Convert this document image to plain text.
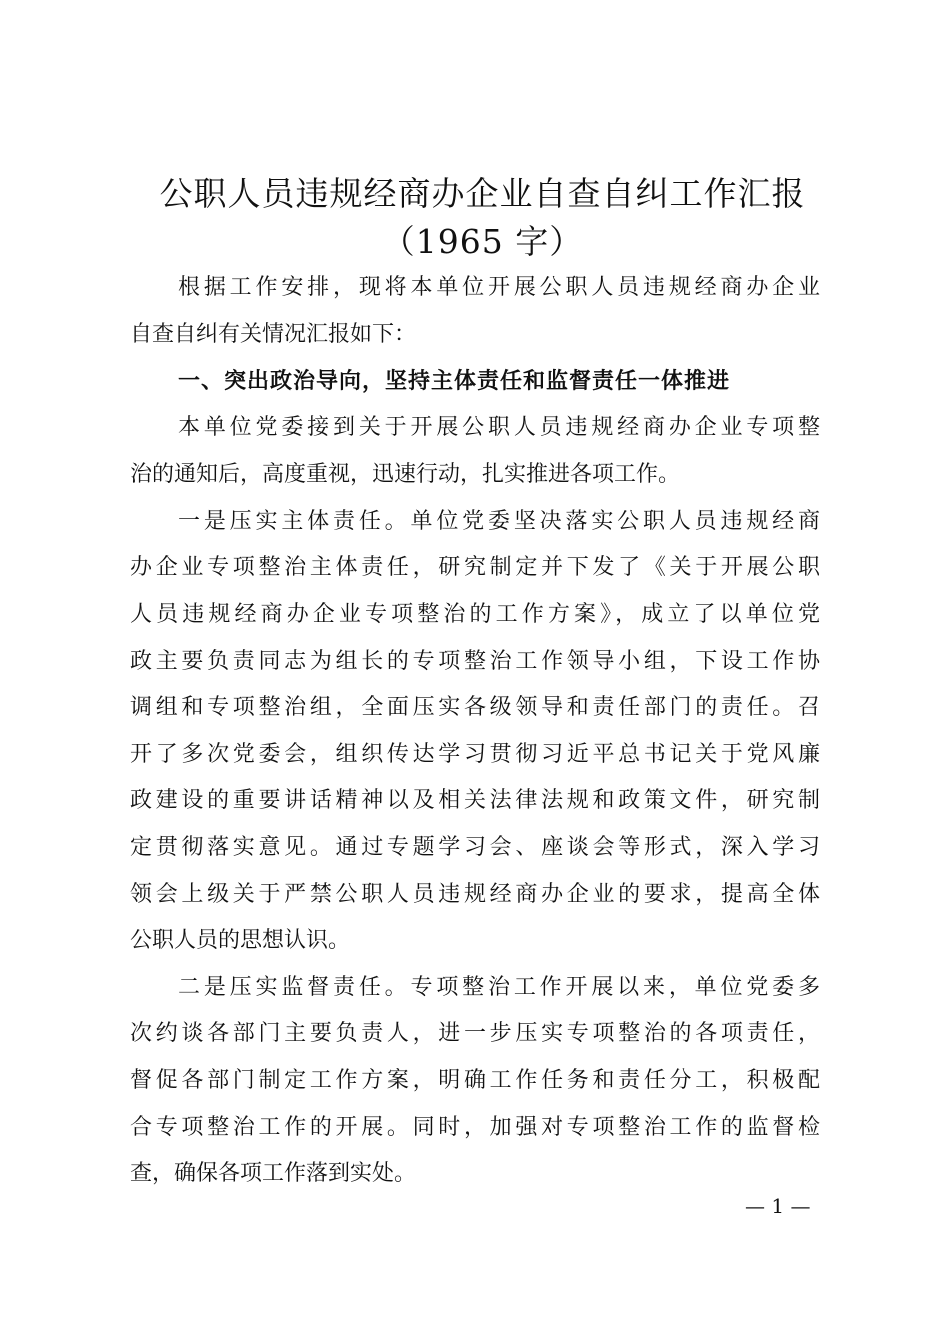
公职人员违规经商办企业自查自纠工作汇报
（1965 字）
根据工作安排，现将本单位开展公职人员违规经商办企业
自查自纠有关情况汇报如下：
一、突出政治导向，坚持主体责任和监督责任一体推进
本单位党委接到关于开展公职人员违规经商办企业专项整
治的通知后，高度重视，迅速行动，扎实推进各项工作。
一是压实主体责任。单位党委坚决落实公职人员违规经商
办企业专项整治主体责任，研究制定并下发了《关于开展公职
人员违规经商办企业专项整治的工作方案》，成立了以单位党
政主要负责同志为组长的专项整治工作领导小组，下设工作协
调组和专项整治组，全面压实各级领导和责任部门的责任。召
开了多次党委会，组织传达学习贯彻习近平总书记关于党风廉
政建设的重要讲话精神以及相关法律法规和政策文件，研究制
定贯彻落实意见。通过专题学习会、座谈会等形式，深入学习
领会上级关于严禁公职人员违规经商办企业的要求，提高全体
公职人员的思想认识。
二是压实监督责任。专项整治工作开展以来，单位党委多
次约谈各部门主要负责人，进一步压实专项整治的各项责任，
督促各部门制定工作方案，明确工作任务和责任分工，积极配
合专项整治工作的开展。同时，加强对专项整治工作的监督检
查，确保各项工作落到实处。
— 1 —
